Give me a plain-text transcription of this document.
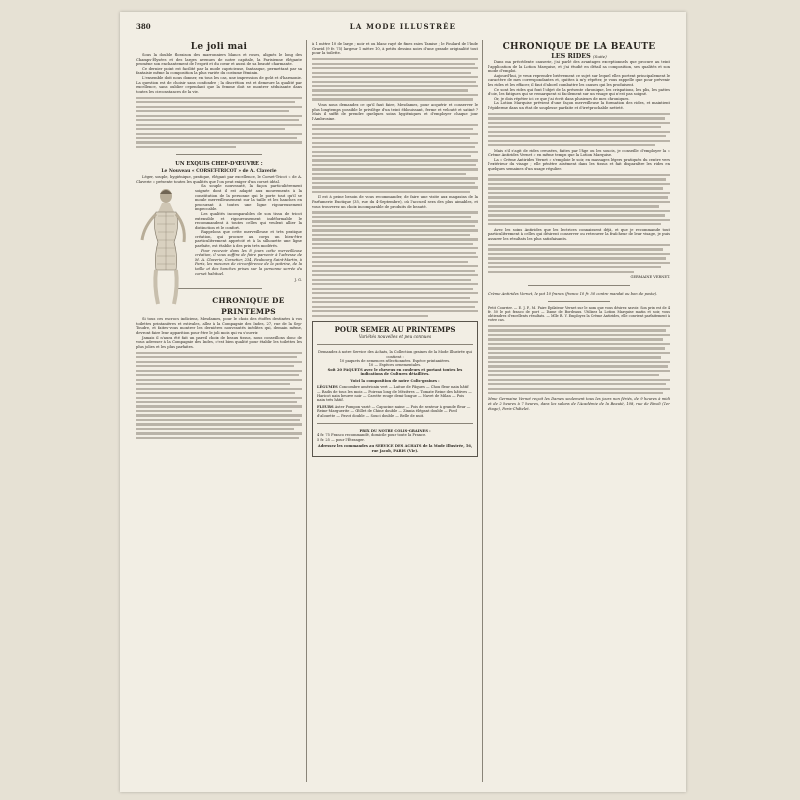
380	LA MODE ILLUSTRÉE
Le joli mai

Sous la double floraison des marronniers blancs et roses, alignés le long des Champs-Élysées et des larges avenues de notre capitale, la Parisienne élégante promène son enchantement de l'esprit et du cœur et aussi de sa beauté charmante.

Ce dernier point est facilité par la mode capricieuse, fantasque, permettant par sa fantaisie même la composition la plus variée du costume féminin.

L'ensemble doit nous donner, en tous les cas, une impression de goût et d'harmonie. La question est de choisir sans confondre ; la discrétion est et demeure la qualité par excellence, sans oublier cependant que la femme doit se montrer séduisante dans toutes les circonstances de la vie.

UN EXQUIS CHEF-D'ŒUVRE :
Le Nouveau « CORSET-TRICOT » de A. Claverie

Léger, souple, hygiénique, pratique, élégant par excellence, le Corset-Tricot « de A. Claverie » présente toutes les qualités que l'on peut exiger d'un corset idéal.

Sa souple nouveauté, la façon particulièrement soignée dont il est adapté aux mouvements à la constitution de la personne qui le porte tout qu'il se moule merveilleusement sur la taille et les hanches en procurant à toutes une ligne rigoureusement impeccable.

Les qualités incomparables de son tissu de tricot extensible et rigoureusement indéformable le recommandent à toutes celles qui veulent allier la distinction et le confort.

Rappelons que cette merveilleuse et très pratique création, qui procure au corps un bien-être particulièrement apprécié et à la silhouette une ligne parfaite, est établie à des prix très modérés.

Pour recevoir dans les 8 jours cette merveilleuse création, il vous suffira de faire parvenir à l'adresse de M. A. Claverie, Corsetier, 234, Faubourg Saint-Martin, à Paris, les mesures de circonférence de la poitrine, de la taille et des hanches prises sur la personne serrée du corset habituel.

J. G.
CHRONIQUE DE PRINTEMPS

Si tous ces escrocs indiciens, Mesdames, pour le chois des étoffes destinées à vos toilettes printanières et estivales, allez à la Compagnie des Indes, 27, rue de la Sep-Toudre, et faites-vous montrer les dernières nouveautés inédites qui, demain même, devront faire leur apparition pour être le joli mois qui va s'ouvrir.

Jamais il n'aura été fait un pareil choix de beaux tissus, nous conseillons donc de vous adresser à la Compagnie des Indes, c'est bien qualité pour établir les toilettes les plus jolies et les plus parfaites.

à 1 mètre 10 de large ; noir et ou blanc rayé de fines raies Tamise ; le Foulard de l'Inde Gravid (9 fr. 75) largeur 1 mètre 10, à petits dessins noirs d'une grande originalité tout pour la toilette.

Vous nous demandez ce qu'il faut faire, Mesdames, pour acquérir et conserver le plus longtemps possible le privilège d'un teint éblouissant, ferme et velouté et satiné ? Mais il suffit de prendre quelques soins hygiéniques et d'employer chaque jour l'Ambrosine.

Il est à peine besoin de vous recommander, de faire une visite aux magasins de la Parfumerie Exotique (35, rue du 4-Septembre), où l'accueil sera des plus aimables, et vous trouverez un choix incomparable de produits de beauté.

POUR SEMER AU PRINTEMPS
Variétés nouvelles et peu connues

Demandez à notre Service des Achats, la Collection graines de la Mode Illustrée qui contient :

10 paquets de semences sélectionnées. Espèce printanières.

10 — Espèces ornementales.

Soit 20 PAQUETS avec le cheveux en couleurs et portant toutes les indications de Cultures détaillées.

Voici la composition de notre Colis-graines :

LÉGUMES Concombre américain vert — Laitue de Pâques — Chou fleur nain hâtif — Radis de tous les mois — Poireau long de Mézières — Tomate Reine des hâtives — Haricot nain beurre noir — Carotte rouge demi-longue — Navet de Milan — Pois nain très hâtif.

FLEURS Aster Pompon varié — Capucine naine — Pois de senteur à grande fleur — Reine-Marguerite — Œillet de Chine double — Zinnia élégant double — Pied d'alouette — Pavot double — Souci double — Belle de nuit.

PRIX DU NOTRE COLIS-GRAINES :

4 fr. 75 Franco recommandé, domicile pour toute la France.

5 fr. 25 — pour l'Étranger.

Adressez les commandes au SERVICE DES ACHATS de la Mode Illustrée, 56, rue Jacob, PARIS (VIe).

CHRONIQUE DE LA BEAUTÉ
LES RIDES (Suite)

Dans ma précédente causerie, j'ai parlé des avantages exceptionnels que procure au teint l'application de la Lotion Marquise, et j'ai étudié en détail sa composition, ses qualités et son mode d'emploi.

Aujourd'hui, je veux reprendre brièvement ce sujet sur lequel elles portent principalement le caractère de mes correspondantes et, quittes à m'y répéter, je vous rappelle que pour prévenir les rides et les effacer, il faut d'abord combattre les causes qui les produisent.

Ce sont les rides qui font l'objet de la présente chronique, les crispations, les plis, les pattes d'oie, les fatigues qui se remarquent si facilement sur un visage qui n'est pas soigné.

Or, je dois répéter ici ce que j'ai écrit dans plusieurs de mes chroniques.

La Lotion Marquise prévient d'une façon merveilleuse la formation des rides, et maintient l'épiderme dans un état de souplesse parfaite et d'irréprochable netteté.

Mais s'il s'agit de rides creusées, faites par l'âge ou les soucis, je conseille d'employer la « Crème Antirides Vernet » en même temps que la Lotion Marquise.

La « Crème Antirides Vernet » s'emploie le soir, en massages légers pratiqués du centre vers l'extérieur du visage ; elle pénètre aisément dans les tissus et fait disparaître les rides en quelques semaines d'un usage régulier.

Avec les soins Antirides que les lectrices connaissent déjà, et que je recommande tout particulièrement à celles qui désirent conserver ou retrouver la fraîcheur de leur visage, je puis assurer les résultats les plus satisfaisants.

GERMAINE VERNET.

Crème Antirides Vernet, le pot 10 francs (franco 10 fr. 50 contre mandat ou bon de poste).

Petit Courrier. — E. J. P., M. Faire Epilateur Vernet sur le nom que vous désirez savoir. Son prix est de 4 fr. 50 le pot franco de port — Dame de Bordeaux. Utilisez la Lotion Marquise matin et soir, vous obtiendrez d'excellents résultats. — Mlle R. Y. Employez la Crème Antirides, elle convient parfaitement à votre cas.

Mme Germaine Vernet reçoit les Dames seulement tous les jours non fériés, de 9 heures à midi et de 2 heures à 7 heures, dans les salons de l'Académie de la Beauté, 108, rue de Rivoli (1er étage), Paris-Châtelet.
